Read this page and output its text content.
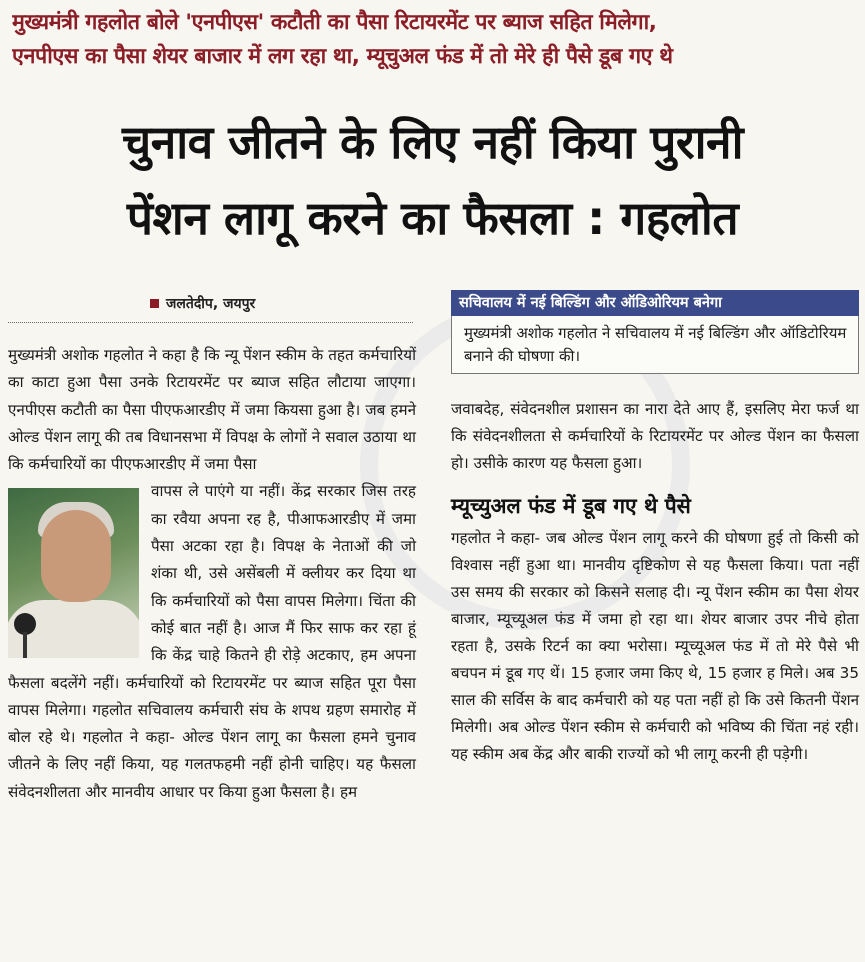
मुख्यमंत्री गहलोत बोले 'एनपीएस' कटौती का पैसा रिटायरमेंट पर ब्याज सहित मिलेगा,
एनपीएस का पैसा शेयर बाजार में लग रहा था, म्यूचुअल फंड में तो मेरे ही पैसे डूब गए थे
चुनाव जीतने के लिए नहीं किया पुरानी
पेंशन लागू करने का फैसला : गहलोत
जलतेदीप, जयपुर

मुख्यमंत्री अशोक गहलोत ने कहा है कि न्यू पेंशन स्कीम के तहत कर्मचारियों का काटा हुआ पैसा उनके रिटायरमेंट पर ब्याज सहित लौटाया जाएगा। एनपीएस कटौती का पैसा पीएफआरडीए में जमा कियसा हुआ है। जब हमने ओल्ड पेंशन लागू की तब विधानसभा में विपक्ष के लोगों ने सवाल उठाया था कि कर्मचारियों का पीएफआरडीए में जमा पैसा

वापस ले पाएंगे या नहीं। केंद्र सरकार जिस तरह का रवैया अपना रह है, पीआफआरडीए में जमा पैसा अटका रहा है। विपक्ष के नेताओं की जो शंका थी, उसे असेंबली में क्लीयर कर दिया था कि कर्मचारियों को पैसा वापस मिलेगा। चिंता की कोई बात नहीं है। आज मैं फिर साफ कर रहा हूं कि केंद्र चाहे कितने ही रोड़े अटकाए, हम अपना फैसला बदलेंगे नहीं। कर्मचारियों को रिटायरमेंट पर ब्याज सहित पूरा पैसा वापस मिलेगा। गहलोत सचिवालय कर्मचारी संघ के शपथ ग्रहण समारोह में बोल रहे थे। गहलोत ने कहा- ओल्ड पेंशन लागू का फैसला हमने चुनाव जीतने के लिए नहीं किया, यह गलतफहमी नहीं होनी चाहिए। यह फैसला संवेदनशीलता और मानवीय आधार पर किया हुआ फैसला है। हम

सचिवालय में नई बिल्डिंग और ऑडिओरियम बनेगा
मुख्यमंत्री अशोक गहलोत ने सचिवालय में नई बिल्डिंग और ऑडिटोरियम बनाने की घोषणा की।

जवाबदेह, संवेदनशील प्रशासन का नारा देते आए हैं, इसलिए मेरा फर्ज था कि संवेदनशीलता से कर्मचारियों के रिटायरमेंट पर ओल्ड पेंशन का फैसला हो। उसीके कारण यह फैसला हुआ।

म्यूच्युअल फंड में डूब गए थे पैसे

गहलोत ने कहा- जब ओल्ड पेंशन लागू करने की घोषणा हुई तो किसी को विश्वास नहीं हुआ था। मानवीय दृष्टिकोण से यह फैसला किया। पता नहीं उस समय की सरकार को किसने सलाह दी। न्यू पेंशन स्कीम का पैसा शेयर बाजार, म्यूच्यूअल फंड में जमा हो रहा था। शेयर बाजार उपर नीचे होता रहता है, उसके रिटर्न का क्या भरोसा। म्यूच्यूअल फंड में तो मेरे पैसे भी बचपन मं डूब गए थें। 15 हजार जमा किए थे, 15 हजार ह मिले। अब 35 साल की सर्विस के बाद कर्मचारी को यह पता नहीं हो कि उसे कितनी पेंशन मिलेगी। अब ओल्ड पेंशन स्कीम से कर्मचारी को भविष्य की चिंता नहं रही। यह स्कीम अब केंद्र और बाकी राज्यों को भी लागू करनी ही पड़ेगी।
